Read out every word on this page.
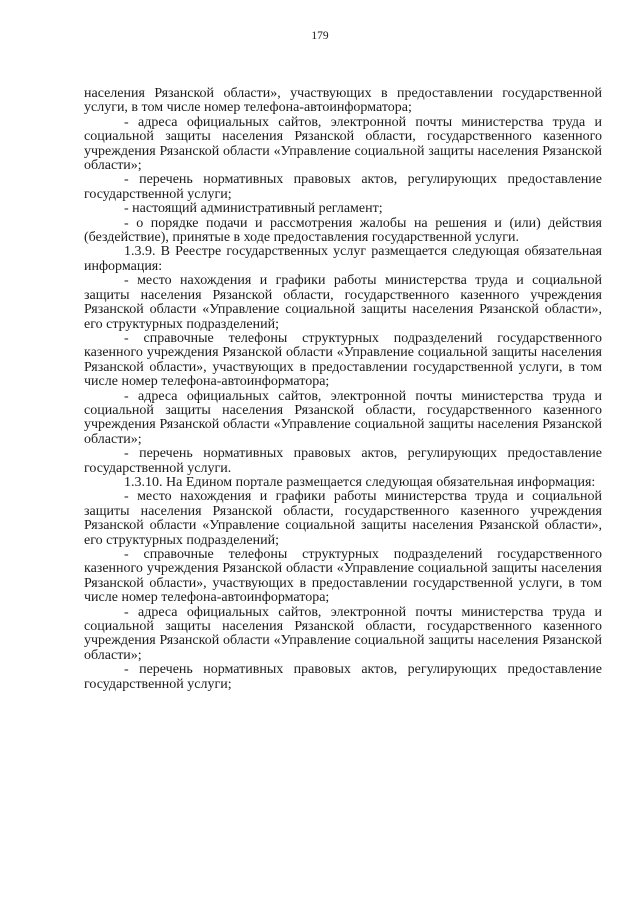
179

населения Рязанской области», участвующих в предоставлении государственной услуги, в том числе номер телефона-автоинформатора;

- адреса официальных сайтов, электронной почты министерства труда и социальной защиты населения Рязанской области, государственного казенного учреждения Рязанской области «Управление социальной защиты населения Рязанской области»;

- перечень нормативных правовых актов, регулирующих предоставление государственной услуги;

- настоящий административный регламент;

- о порядке подачи и рассмотрения жалобы на решения и (или) действия (бездействие), принятые в ходе предоставления государственной услуги.

1.3.9. В Реестре государственных услуг размещается следующая обязательная информация:

- место нахождения и графики работы министерства труда и социальной защиты населения Рязанской области, государственного казенного учреждения Рязанской области «Управление социальной защиты населения Рязанской области», его структурных подразделений;

- справочные телефоны структурных подразделений государственного казенного учреждения Рязанской области «Управление социальной защиты населения Рязанской области», участвующих в предоставлении государственной услуги, в том числе номер телефона-автоинформатора;

- адреса официальных сайтов, электронной почты министерства труда и социальной защиты населения Рязанской области, государственного казенного учреждения Рязанской области «Управление социальной защиты населения Рязанской области»;

- перечень нормативных правовых актов, регулирующих предоставление государственной услуги.

1.3.10. На Едином портале размещается следующая обязательная информация:

- место нахождения и графики работы министерства труда и социальной защиты населения Рязанской области, государственного казенного учреждения Рязанской области «Управление социальной защиты населения Рязанской области», его структурных подразделений;

- справочные телефоны структурных подразделений государственного казенного учреждения Рязанской области «Управление социальной защиты населения Рязанской области», участвующих в предоставлении государственной услуги, в том числе номер телефона-автоинформатора;

- адреса официальных сайтов, электронной почты министерства труда и социальной защиты населения Рязанской области, государственного казенного учреждения Рязанской области «Управление социальной защиты населения Рязанской области»;

- перечень нормативных правовых актов, регулирующих предоставление государственной услуги;
